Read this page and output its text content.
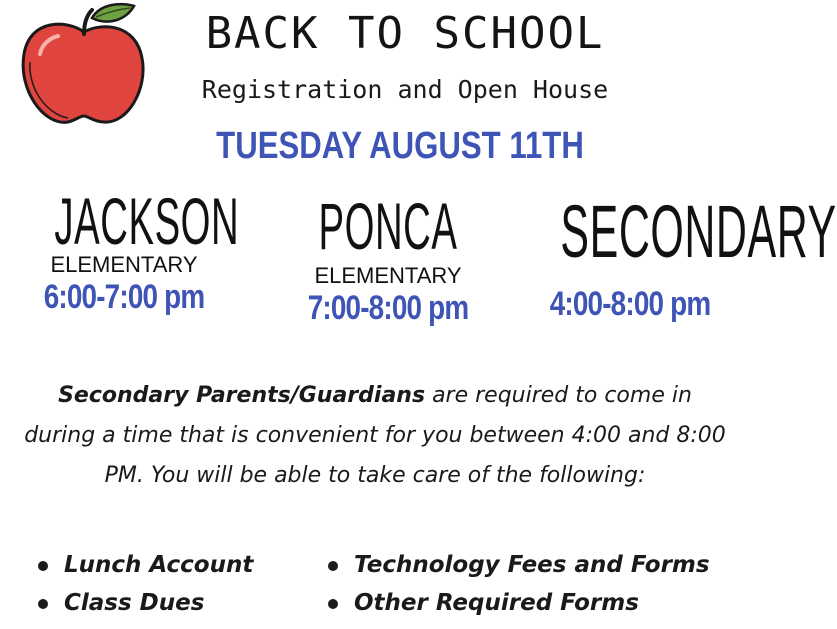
BACK TO SCHOOL
Registration and Open House
TUESDAY AUGUST 11TH
JACKSON
ELEMENTARY
6:00-7:00 pm
PONCA
ELEMENTARY
7:00-8:00 pm
SECONDARY
4:00-8:00 pm
Secondary Parents/Guardians are required to come in during a time that is convenient for you between 4:00 and 8:00 PM. You will be able to take care of the following:
Lunch Account
Class Dues
Technology Fees and Forms
Other Required Forms
